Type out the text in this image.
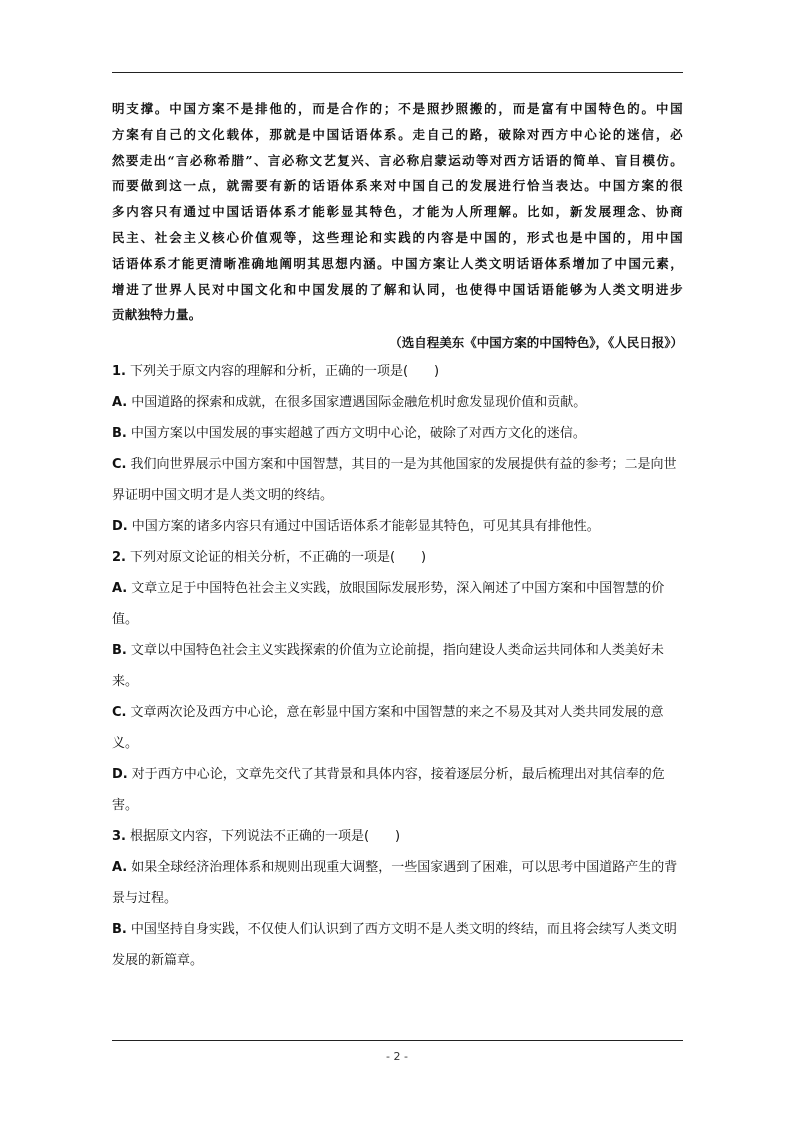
明支撑。中国方案不是排他的，而是合作的；不是照抄照搬的，而是富有中国特色的。中国

方案有自己的文化载体，那就是中国话语体系。走自己的路，破除对西方中心论的迷信，必

然要走出“言必称希腊”、言必称文艺复兴、言必称启蒙运动等对西方话语的简单、盲目模仿。

而要做到这一点，就需要有新的话语体系来对中国自己的发展进行恰当表达。中国方案的很

多内容只有通过中国话语体系才能彰显其特色，才能为人所理解。比如，新发展理念、协商

民主、社会主义核心价值观等，这些理论和实践的内容是中国的，形式也是中国的，用中国

话语体系才能更清晰准确地阐明其思想内涵。中国方案让人类文明话语体系增加了中国元素，

增进了世界人民对中国文化和中国发展的了解和认同，也使得中国话语能够为人类文明进步

贡献独特力量。

（选自程美东《中国方案的中国特色》，《人民日报》）

1. 下列关于原文内容的理解和分析，正确的一项是(　　)

A. 中国道路的探索和成就，在很多国家遭遇国际金融危机时愈发显现价值和贡献。

B. 中国方案以中国发展的事实超越了西方文明中心论，破除了对西方文化的迷信。

C. 我们向世界展示中国方案和中国智慧，其目的一是为其他国家的发展提供有益的参考；二是向世界证明中国文明才是人类文明的终结。

D. 中国方案的诸多内容只有通过中国话语体系才能彰显其特色，可见其具有排他性。

2. 下列对原文论证的相关分析，不正确的一项是(　　)

A. 文章立足于中国特色社会主义实践，放眼国际发展形势，深入阐述了中国方案和中国智慧的价值。

B. 文章以中国特色社会主义实践探索的价值为立论前提，指向建设人类命运共同体和人类美好未来。

C. 文章两次论及西方中心论，意在彰显中国方案和中国智慧的来之不易及其对人类共同发展的意义。

D. 对于西方中心论，文章先交代了其背景和具体内容，接着逐层分析，最后梳理出对其信奉的危害。

3. 根据原文内容，下列说法不正确的一项是(　　)

A. 如果全球经济治理体系和规则出现重大调整，一些国家遇到了困难，可以思考中国道路产生的背景与过程。

B. 中国坚持自身实践，不仅使人们认识到了西方文明不是人类文明的终结，而且将会续写人类文明发展的新篇章。

- 2 -
